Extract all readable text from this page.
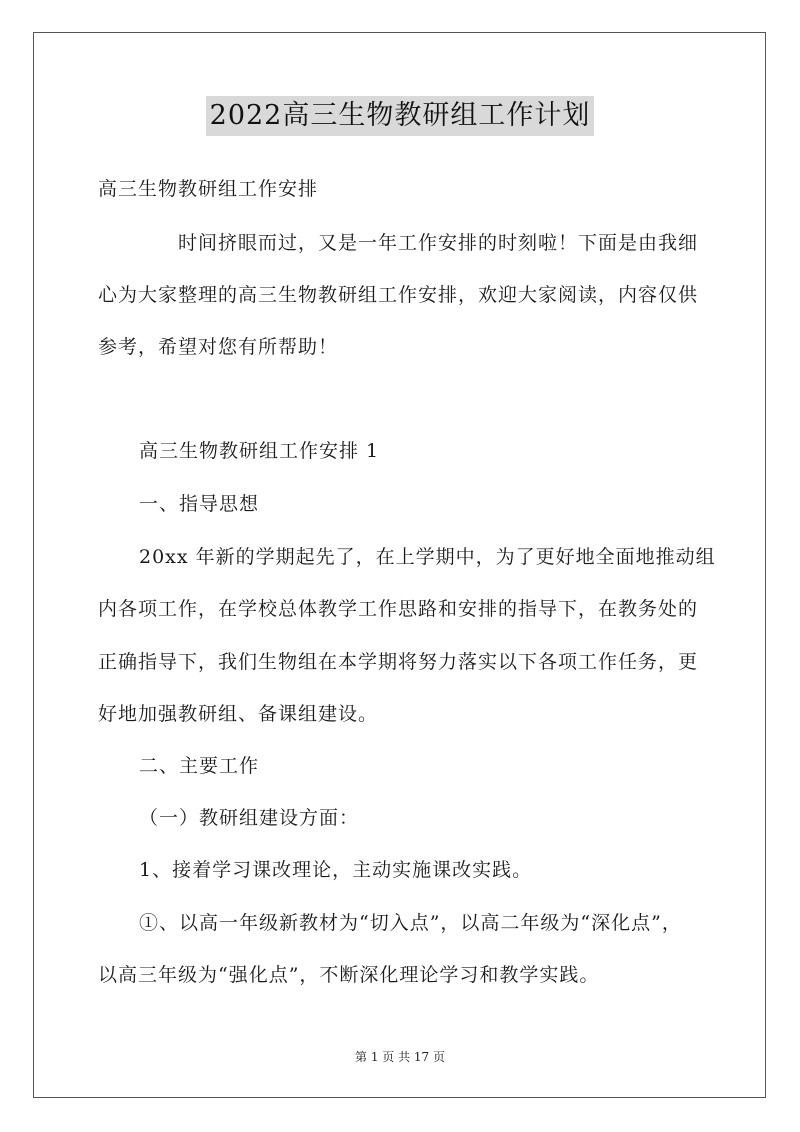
2022高三生物教研组工作计划
高三生物教研组工作安排
时间挤眼而过，又是一年工作安排的时刻啦！下面是由我细
心为大家整理的高三生物教研组工作安排，欢迎大家阅读，内容仅供
参考，希望对您有所帮助！
高三生物教研组工作安排 1
一、指导思想
20xx 年新的学期起先了，在上学期中，为了更好地全面地推动组
内各项工作，在学校总体教学工作思路和安排的指导下，在教务处的
正确指导下，我们生物组在本学期将努力落实以下各项工作任务，更
好地加强教研组、备课组建设。
二、主要工作
（一）教研组建设方面：
1、接着学习课改理论，主动实施课改实践。
①、以高一年级新教材为“切入点”，以高二年级为“深化点”，
以高三年级为“强化点”，不断深化理论学习和教学实践。
第 1 页 共 17 页
